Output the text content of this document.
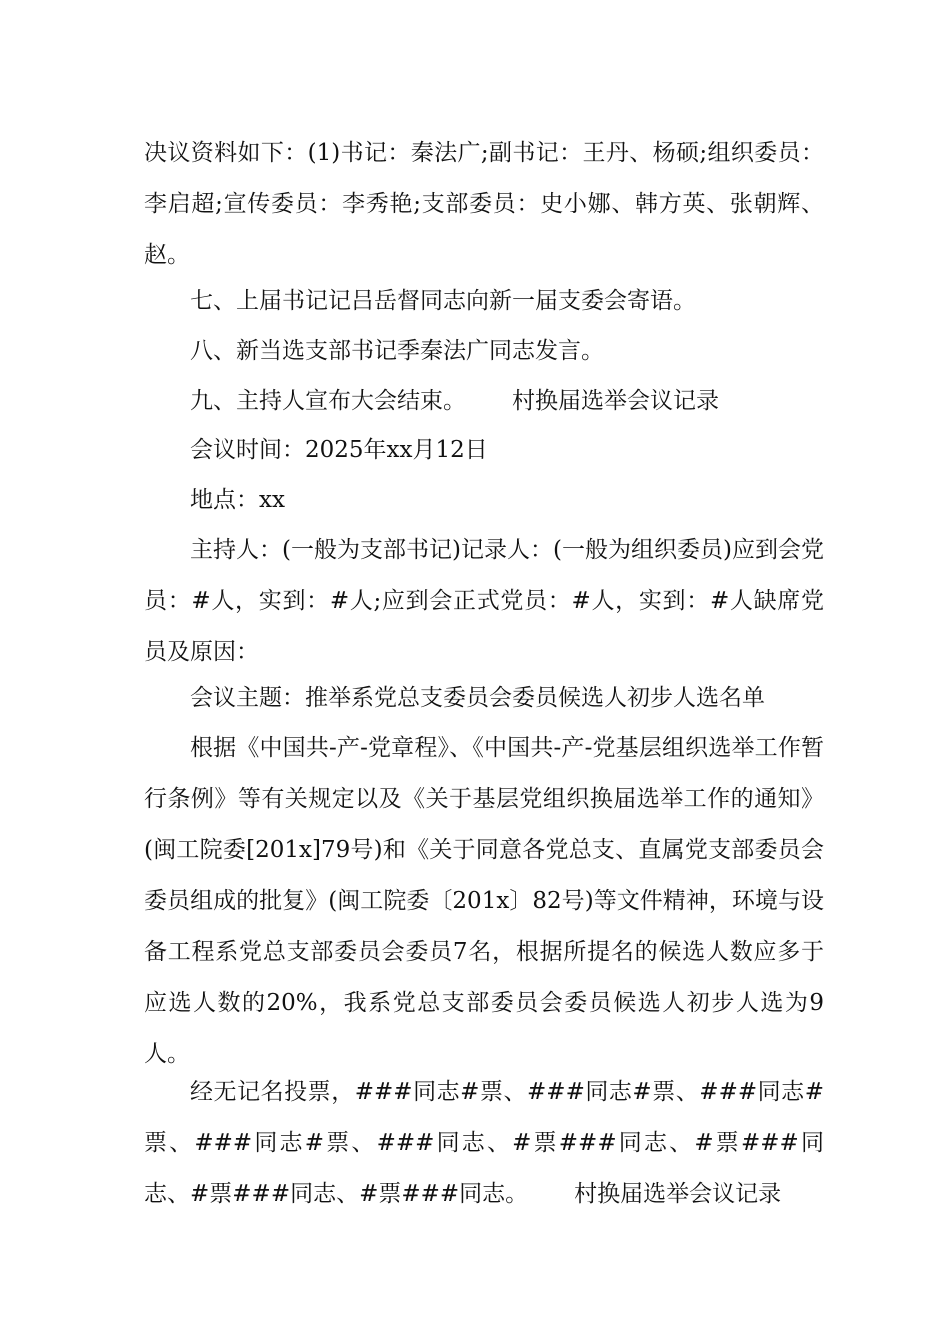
决议资料如下：(1)书记：秦法广;副书记：王丹、杨硕;组织委员：李启超;宣传委员：李秀艳;支部委员：史小娜、韩方英、张朝辉、赵。

七、上届书记记吕岳督同志向新一届支委会寄语。

八、新当选支部书记季秦法广同志发言。

九、主持人宣布大会结束。 村换届选举会议记录

会议时间：2025年xx月12日

地点：xx

主持人：(一般为支部书记)记录人：(一般为组织委员)应到会党员：#人，实到：#人;应到会正式党员：#人，实到：#人缺席党员及原因：

会议主题：推举系党总支委员会委员候选人初步人选名单

根据《中国共-产-党章程》、《中国共-产-党基层组织选举工作暂行条例》等有关规定以及《关于基层党组织换届选举工作的通知》(闽工院委[201x]79号)和《关于同意各党总支、直属党支部委员会委员组成的批复》(闽工院委〔201x〕82号)等文件精神，环境与设备工程系党总支部委员会委员7名，根据所提名的候选人数应多于应选人数的20%，我系党总支部委员会委员候选人初步人选为9人。

经无记名投票，###同志#票、###同志#票、###同志#票、###同志#票、###同志、#票###同志、#票###同志、#票###同志、#票###同志。 村换届选举会议记录
